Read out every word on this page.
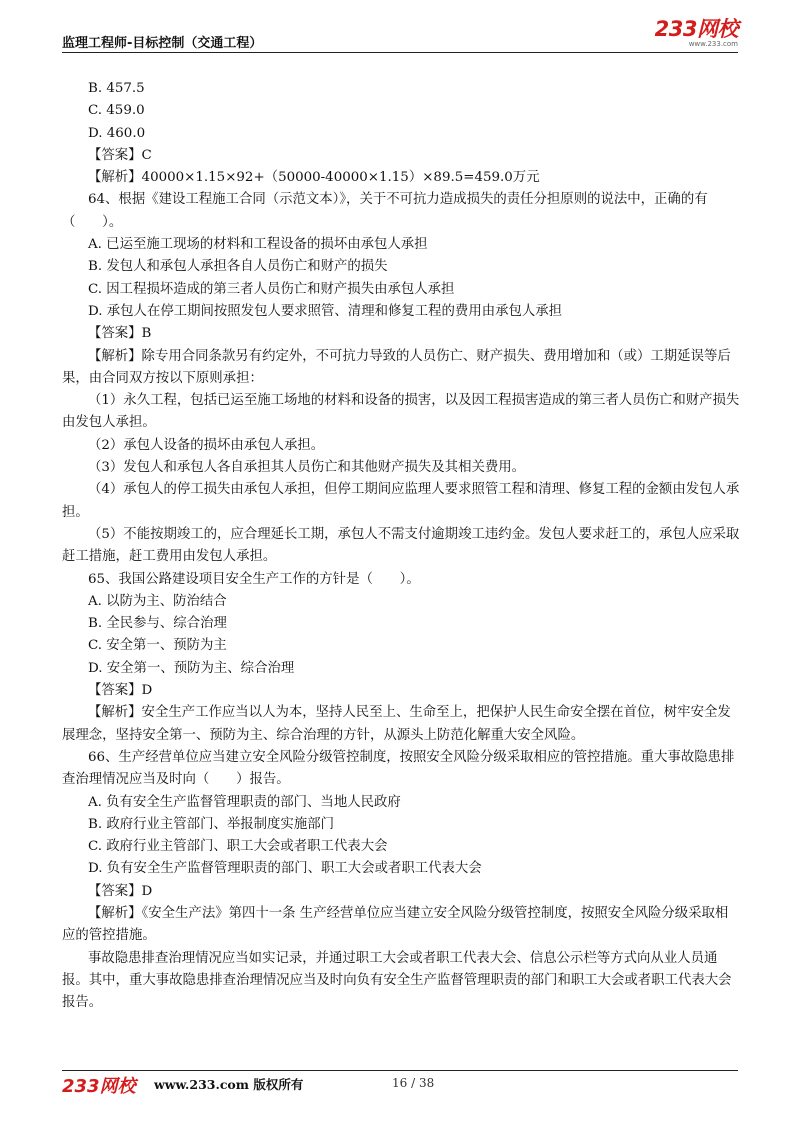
监理工程师-目标控制（交通工程）
233网校
www.233.com

B. 457.5

C. 459.0

D. 460.0

【答案】C

【解析】40000×1.15×92+（50000-40000×1.15）×89.5=459.0万元

64、根据《建设工程施工合同（示范文本）》，关于不可抗力造成损失的责任分担原则的说法中，正确的有（　　）。

A. 已运至施工现场的材料和工程设备的损坏由承包人承担

B. 发包人和承包人承担各自人员伤亡和财产的损失

C. 因工程损坏造成的第三者人员伤亡和财产损失由承包人承担

D. 承包人在停工期间按照发包人要求照管、清理和修复工程的费用由承包人承担

【答案】B

【解析】除专用合同条款另有约定外，不可抗力导致的人员伤亡、财产损失、费用增加和（或）工期延误等后果，由合同双方按以下原则承担：

（1）永久工程，包括已运至施工场地的材料和设备的损害，以及因工程损害造成的第三者人员伤亡和财产损失由发包人承担。

（2）承包人设备的损坏由承包人承担。

（3）发包人和承包人各自承担其人员伤亡和其他财产损失及其相关费用。

（4）承包人的停工损失由承包人承担，但停工期间应监理人要求照管工程和清理、修复工程的金额由发包人承担。

（5）不能按期竣工的，应合理延长工期，承包人不需支付逾期竣工违约金。发包人要求赶工的，承包人应采取赶工措施，赶工费用由发包人承担。

65、我国公路建设项目安全生产工作的方针是（　　）。

A. 以防为主、防治结合

B. 全民参与、综合治理

C. 安全第一、预防为主

D. 安全第一、预防为主、综合治理

【答案】D

【解析】安全生产工作应当以人为本，坚持人民至上、生命至上，把保护人民生命安全摆在首位，树牢安全发展理念，坚持安全第一、预防为主、综合治理的方针，从源头上防范化解重大安全风险。

66、生产经营单位应当建立安全风险分级管控制度，按照安全风险分级采取相应的管控措施。重大事故隐患排查治理情况应当及时向（　　）报告。

A. 负有安全生产监督管理职责的部门、当地人民政府

B. 政府行业主管部门、举报制度实施部门

C. 政府行业主管部门、职工大会或者职工代表大会

D. 负有安全生产监督管理职责的部门、职工大会或者职工代表大会

【答案】D

【解析】《安全生产法》第四十一条 生产经营单位应当建立安全风险分级管控制度，按照安全风险分级采取相应的管控措施。

事故隐患排查治理情况应当如实记录，并通过职工大会或者职工代表大会、信息公示栏等方式向从业人员通报。其中，重大事故隐患排查治理情况应当及时向负有安全生产监督管理职责的部门和职工大会或者职工代表大会报告。

233网校 www.233.com 版权所有	16 / 38
